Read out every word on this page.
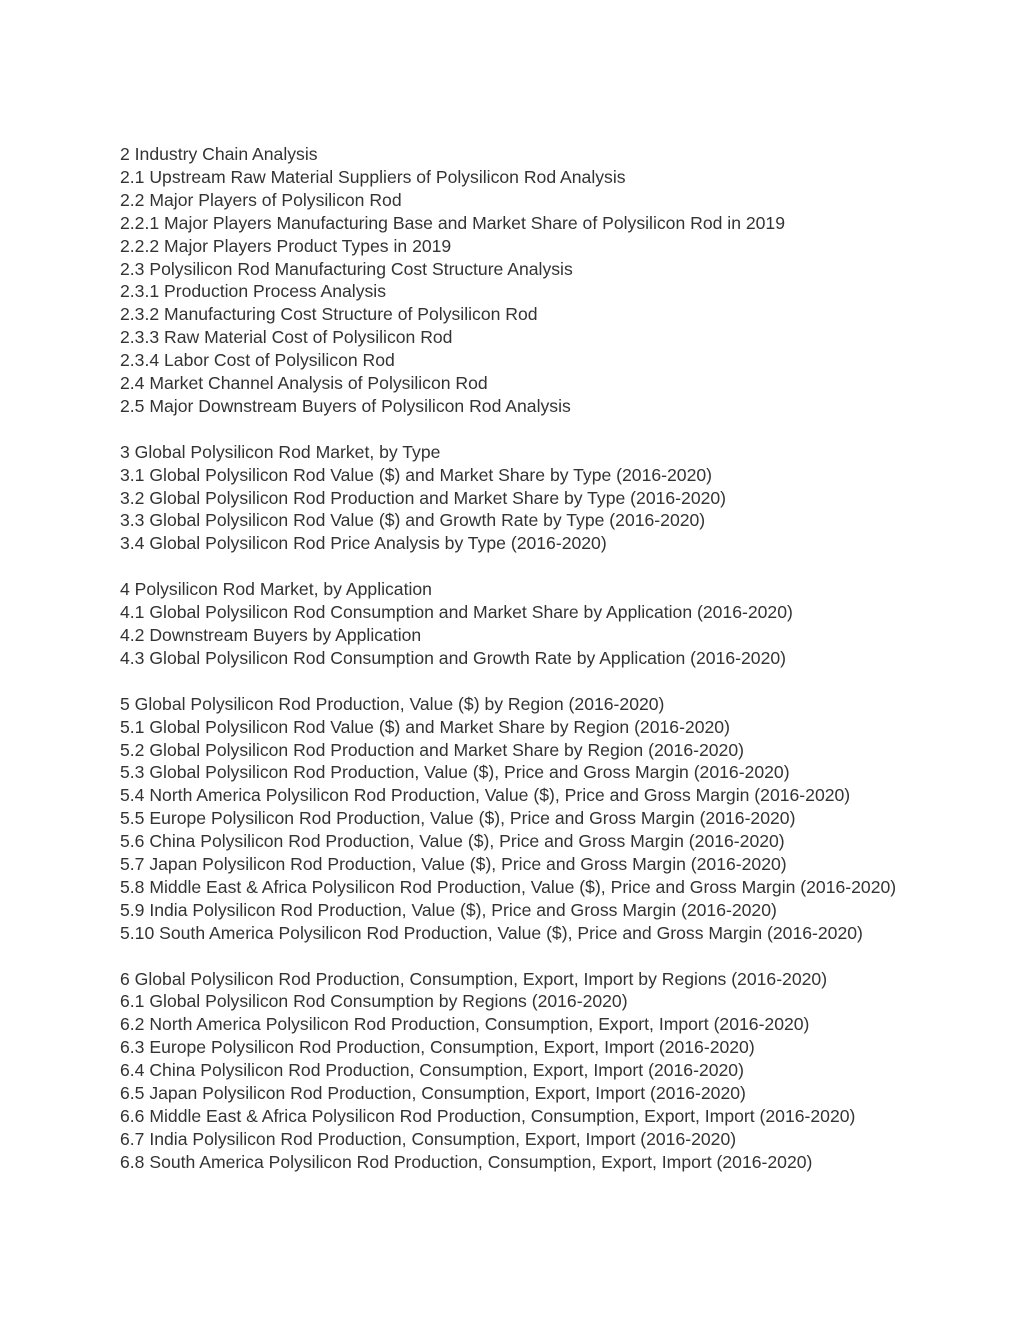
2 Industry Chain Analysis
2.1 Upstream Raw Material Suppliers of Polysilicon Rod Analysis
2.2 Major Players of Polysilicon Rod
2.2.1 Major Players Manufacturing Base and Market Share of Polysilicon Rod in 2019
2.2.2 Major Players Product Types in 2019
2.3 Polysilicon Rod Manufacturing Cost Structure Analysis
2.3.1 Production Process Analysis
2.3.2 Manufacturing Cost Structure of Polysilicon Rod
2.3.3 Raw Material Cost of Polysilicon Rod
2.3.4 Labor Cost of Polysilicon Rod
2.4 Market Channel Analysis of Polysilicon Rod
2.5 Major Downstream Buyers of Polysilicon Rod Analysis
3 Global Polysilicon Rod Market, by Type
3.1 Global Polysilicon Rod Value ($) and Market Share by Type (2016-2020)
3.2 Global Polysilicon Rod Production and Market Share by Type (2016-2020)
3.3 Global Polysilicon Rod Value ($) and Growth Rate by Type (2016-2020)
3.4 Global Polysilicon Rod Price Analysis by Type (2016-2020)
4 Polysilicon Rod Market, by Application
4.1 Global Polysilicon Rod Consumption and Market Share by Application (2016-2020)
4.2 Downstream Buyers by Application
4.3 Global Polysilicon Rod Consumption and Growth Rate by Application (2016-2020)
5 Global Polysilicon Rod Production, Value ($) by Region (2016-2020)
5.1 Global Polysilicon Rod Value ($) and Market Share by Region (2016-2020)
5.2 Global Polysilicon Rod Production and Market Share by Region (2016-2020)
5.3 Global Polysilicon Rod Production, Value ($), Price and Gross Margin (2016-2020)
5.4 North America Polysilicon Rod Production, Value ($), Price and Gross Margin (2016-2020)
5.5 Europe Polysilicon Rod Production, Value ($), Price and Gross Margin (2016-2020)
5.6 China Polysilicon Rod Production, Value ($), Price and Gross Margin (2016-2020)
5.7 Japan Polysilicon Rod Production, Value ($), Price and Gross Margin (2016-2020)
5.8 Middle East & Africa Polysilicon Rod Production, Value ($), Price and Gross Margin (2016-2020)
5.9 India Polysilicon Rod Production, Value ($), Price and Gross Margin (2016-2020)
5.10 South America Polysilicon Rod Production, Value ($), Price and Gross Margin (2016-2020)
6 Global Polysilicon Rod Production, Consumption, Export, Import by Regions (2016-2020)
6.1 Global Polysilicon Rod Consumption by Regions (2016-2020)
6.2 North America Polysilicon Rod Production, Consumption, Export, Import (2016-2020)
6.3 Europe Polysilicon Rod Production, Consumption, Export, Import (2016-2020)
6.4 China Polysilicon Rod Production, Consumption, Export, Import (2016-2020)
6.5 Japan Polysilicon Rod Production, Consumption, Export, Import (2016-2020)
6.6 Middle East & Africa Polysilicon Rod Production, Consumption, Export, Import (2016-2020)
6.7 India Polysilicon Rod Production, Consumption, Export, Import (2016-2020)
6.8 South America Polysilicon Rod Production, Consumption, Export, Import (2016-2020)
